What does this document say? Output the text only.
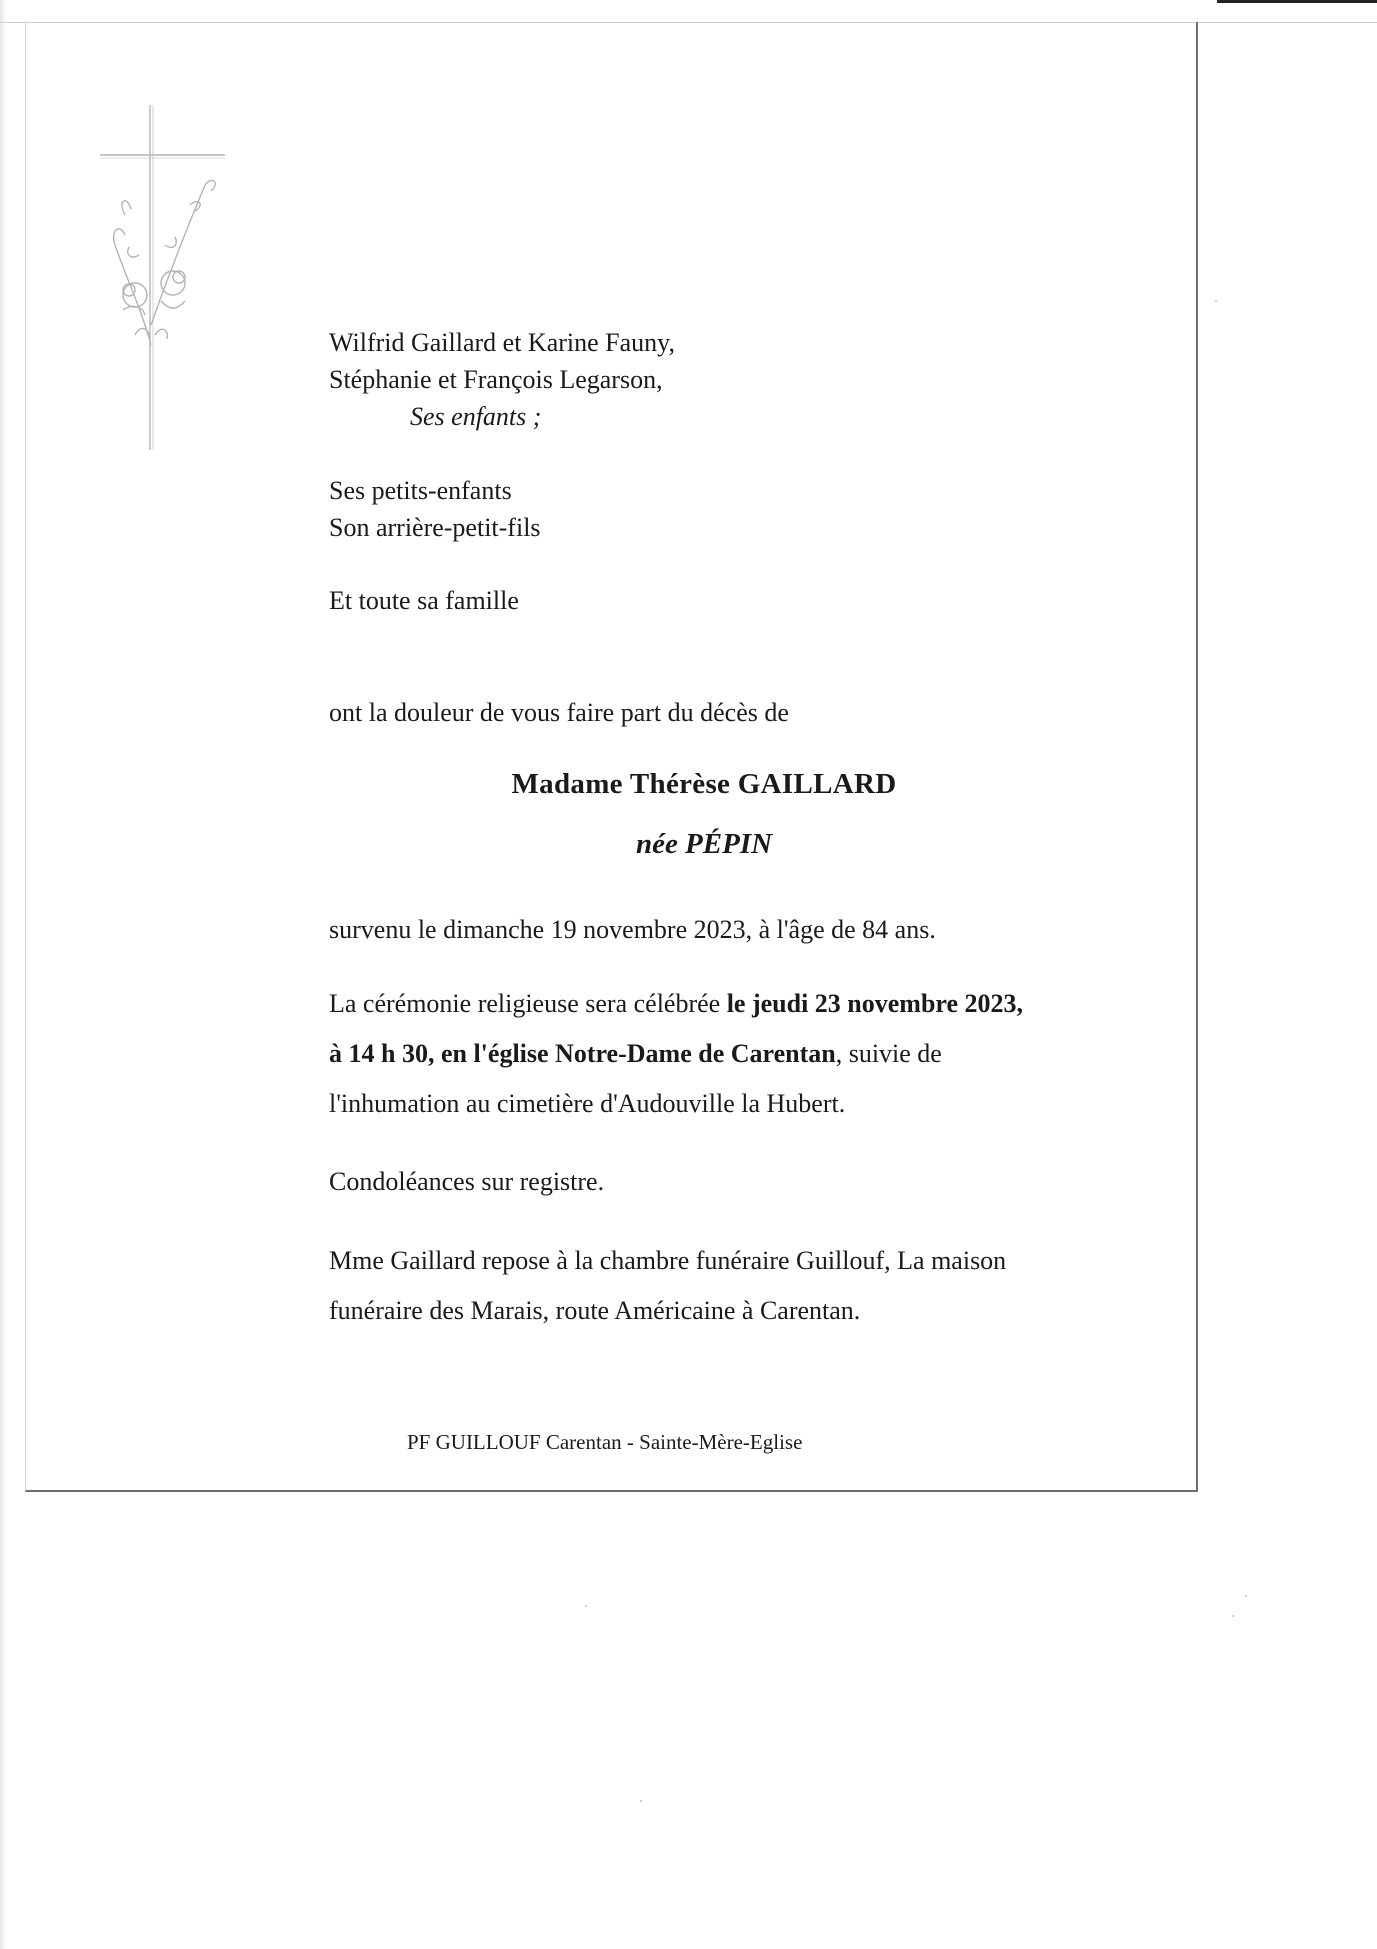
Wilfrid Gaillard et Karine Fauny,
Stéphanie et François Legarson,
Ses enfants ;
Ses petits-enfants
Son arrière-petit-fils
Et toute sa famille
ont la douleur de vous faire part du décès de
Madame Thérèse GAILLARD
née PÉPIN
survenu le dimanche 19 novembre 2023, à l'âge de 84 ans.
La cérémonie religieuse sera célébrée le jeudi 23 novembre 2023,
à 14 h 30, en l'église Notre-Dame de Carentan, suivie de
l'inhumation au cimetière d'Audouville la Hubert.
Condoléances sur registre.
Mme Gaillard repose à la chambre funéraire Guillouf, La maison
funéraire des Marais, route Américaine à Carentan.
PF GUILLOUF Carentan - Sainte-Mère-Eglise
